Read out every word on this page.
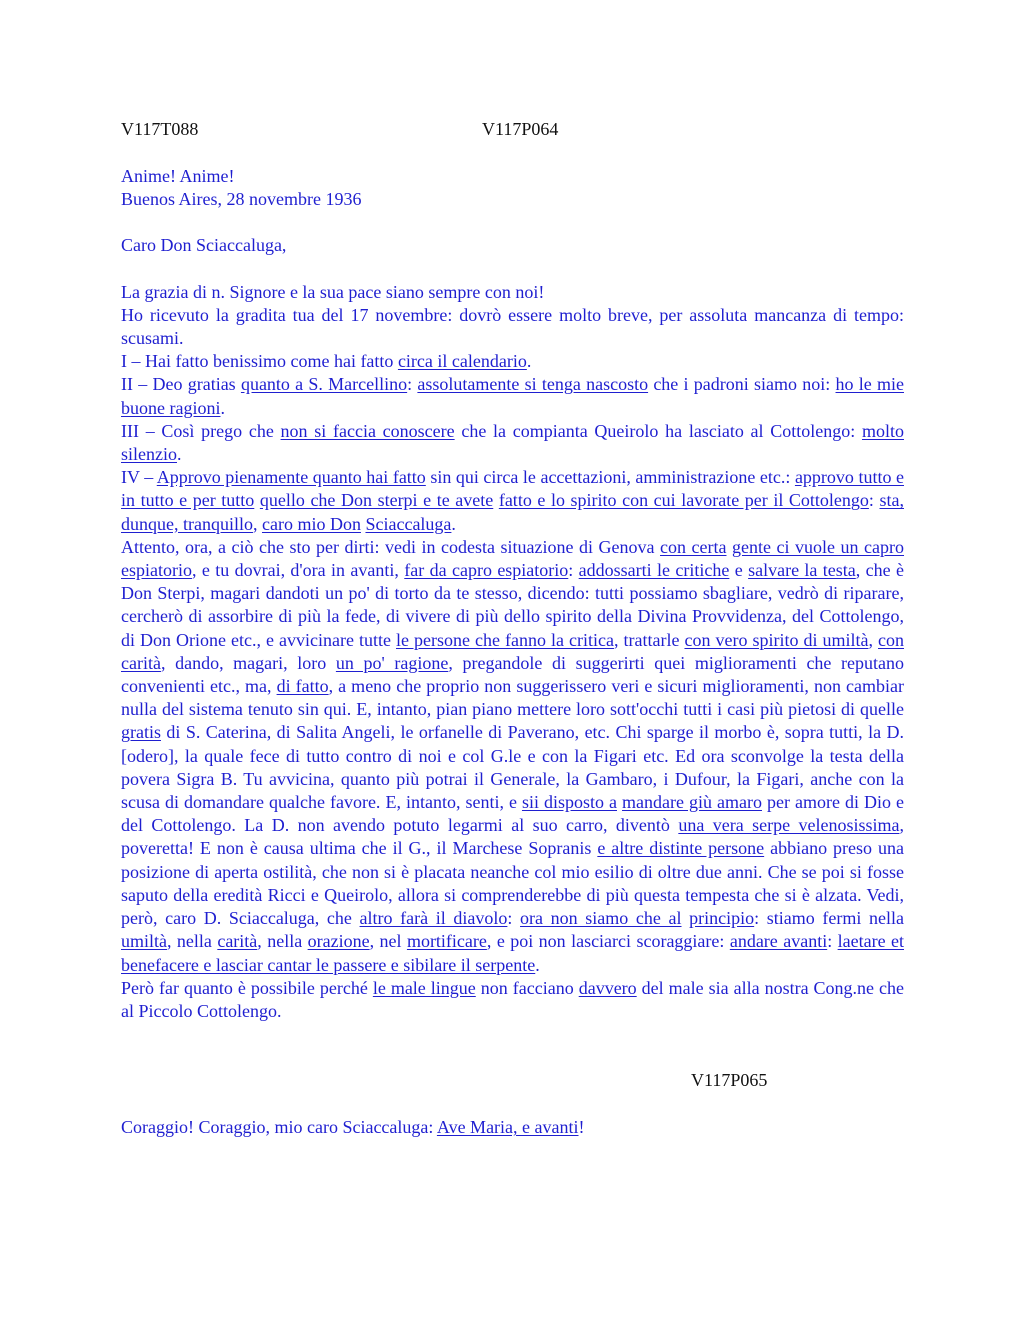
V117T088	V117P064

Anime! Anime!

Buenos Aires, 28 novembre 1936

Caro Don Sciaccaluga,

La grazia di n. Signore e la sua pace siano sempre con noi!

Ho ricevuto la gradita tua del 17 novembre: dovrò essere molto breve, per assoluta mancanza di tempo: scusami.

I – Hai fatto benissimo come hai fatto circa il calendario.

II – Deo gratias quanto a S. Marcellino: assolutamente si tenga nascosto che i padroni siamo noi: ho le mie buone ragioni.

III – Così prego che non si faccia conoscere che la compianta Queirolo ha lasciato al Cottolengo: molto silenzio.

IV – Approvo pienamente quanto hai fatto sin qui circa le accettazioni, amministrazione etc.: approvo tutto e in tutto e per tutto quello che Don sterpi e te avete fatto e lo spirito con cui lavorate per il Cottolengo: sta, dunque, tranquillo, caro mio Don Sciaccaluga.

Attento, ora, a ciò che sto per dirti: vedi in codesta situazione di Genova con certa gente ci vuole un capro espiatorio, e tu dovrai, d'ora in avanti, far da capro espiatorio: addossarti le critiche e salvare la testa, che è Don Sterpi, magari dandoti un po' di torto da te stesso, dicendo: tutti possiamo sbagliare, vedrò di riparare, cercherò di assorbire di più la fede, di vivere di più dello spirito della Divina Provvidenza, del Cottolengo, di Don Orione etc., e avvicinare tutte le persone che fanno la critica, trattarle con vero spirito di umiltà, con carità, dando, magari, loro un po' ragione, pregandole di suggerirti quei miglioramenti che reputano convenienti etc., ma, di fatto, a meno che proprio non suggerissero veri e sicuri miglioramenti, non cambiar nulla del sistema tenuto sin qui. E, intanto, pian piano mettere loro sott'occhi tutti i casi più pietosi di quelle gratis di S. Caterina, di Salita Angeli, le orfanelle di Paverano, etc. Chi sparge il morbo è, sopra tutti, la D.[odero], la quale fece di tutto contro di noi e col G.le e con la Figari etc. Ed ora sconvolge la testa della povera Sigra B. Tu avvicina, quanto più potrai il Generale, la Gambaro, i Dufour, la Figari, anche con la scusa di domandare qualche favore. E, intanto, senti, e sii disposto a mandare giù amaro per amore di Dio e del Cottolengo. La D. non avendo potuto legarmi al suo carro, diventò una vera serpe velenosissima, poveretta! E non è causa ultima che il G., il Marchese Sopranis e altre distinte persone abbiano preso una posizione di aperta ostilità, che non si è placata neanche col mio esilio di oltre due anni. Che se poi si fosse saputo della eredità Ricci e Queirolo, allora si comprenderebbe di più questa tempesta che si è alzata. Vedi, però, caro D. Sciaccaluga, che altro farà il diavolo: ora non siamo che al principio: stiamo fermi nella umiltà, nella carità, nella orazione, nel mortificare, e poi non lasciarci scoraggiare: andare avanti: laetare et benefacere e lasciar cantar le passere e sibilare il serpente.

Però far quanto è possibile perché le male lingue non facciano davvero del male sia alla nostra Cong.ne che al Piccolo Cottolengo.

V117P065

Coraggio! Coraggio, mio caro Sciaccaluga: Ave Maria, e avanti!
